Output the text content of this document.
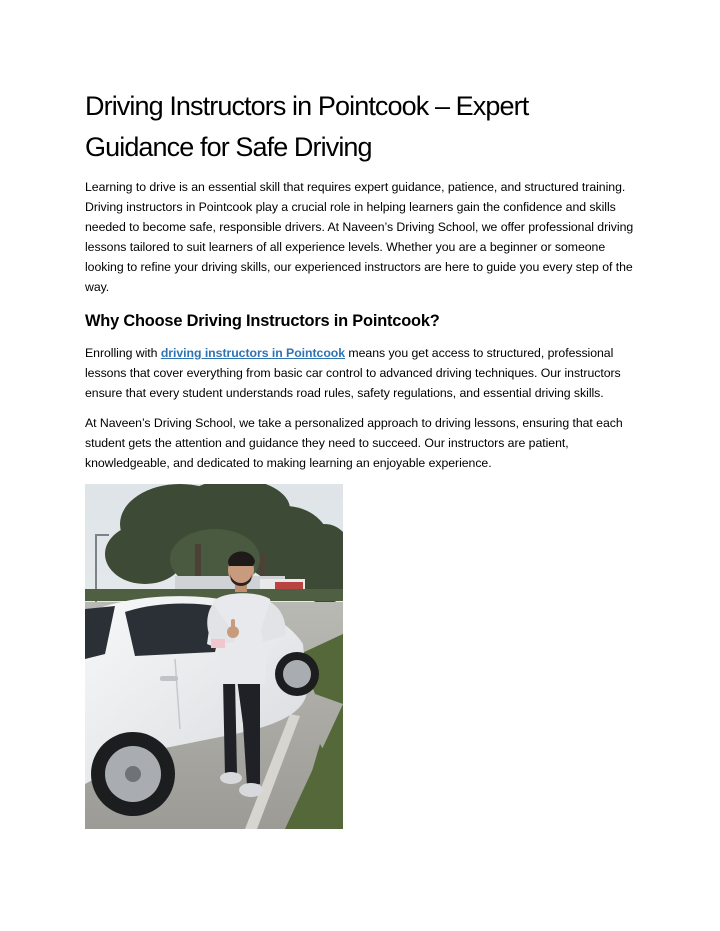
Driving Instructors in Pointcook – Expert Guidance for Safe Driving

Learning to drive is an essential skill that requires expert guidance, patience, and structured training. Driving instructors in Pointcook play a crucial role in helping learners gain the confidence and skills needed to become safe, responsible drivers. At Naveen’s Driving School, we offer professional driving lessons tailored to suit learners of all experience levels. Whether you are a beginner or someone looking to refine your driving skills, our experienced instructors are here to guide you every step of the way.

Why Choose Driving Instructors in Pointcook?

Enrolling with driving instructors in Pointcook means you get access to structured, professional lessons that cover everything from basic car control to advanced driving techniques. Our instructors ensure that every student understands road rules, safety regulations, and essential driving skills.

At Naveen’s Driving School, we take a personalized approach to driving lessons, ensuring that each student gets the attention and guidance they need to succeed. Our instructors are patient, knowledgeable, and dedicated to making learning an enjoyable experience.
